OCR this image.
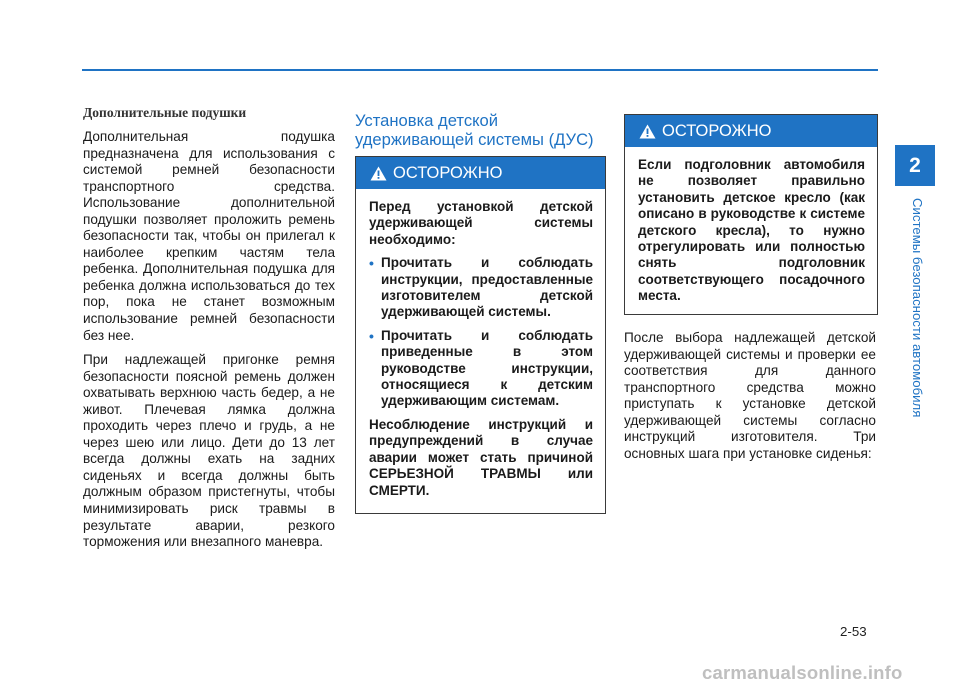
Дополнительные подушки

Дополнительная подушка предназначена для использования с системой ремней безопасности транспортного средства. Использование дополнительной подушки позволяет проложить ремень безопасности так, чтобы он прилегал к наиболее крепким частям тела ребенка. Дополнительная подушка для ребенка должна использоваться до тех пор, пока не станет возможным использование ремней безопасности без нее.

При надлежащей пригонке ремня безопасности поясной ремень должен охватывать верхнюю часть бедер, а не живот. Плечевая лямка должна проходить через плечо и грудь, а не через шею или лицо. Дети до 13 лет всегда должны ехать на задних сиденьях и всегда должны быть должным образом пристегнуты, чтобы минимизировать риск травмы в результате аварии, резкого торможения или внезапного маневра.

Установка детской удерживающей системы (ДУС)
ОСТОРОЖНО

Перед установкой детской удерживающей системы необходимо:

• Прочитать и соблюдать инструкции, предоставленные изготовителем детской удерживающей системы.
• Прочитать и соблюдать приведенные в этом руководстве инструкции, относящиеся к детским удерживающим системам.

Несоблюдение инструкций и предупреждений в случае аварии может стать причиной СЕРЬЕЗНОЙ ТРАВМЫ или СМЕРТИ.

ОСТОРОЖНО

Если подголовник автомобиля не позволяет правильно установить детское кресло (как описано в руководстве к системе детского кресла), то нужно отрегулировать или полностью снять подголовник соответствующего посадочного места.

После выбора надлежащей детской удерживающей системы и проверки ее соответствия для данного транспортного средства можно приступать к установке детской удерживающей системы согласно инструкций изготовителя. Три основных шага при установке сиденья:

2
Системы безопасности автомобиля
2-53
carmanualsonline.info
